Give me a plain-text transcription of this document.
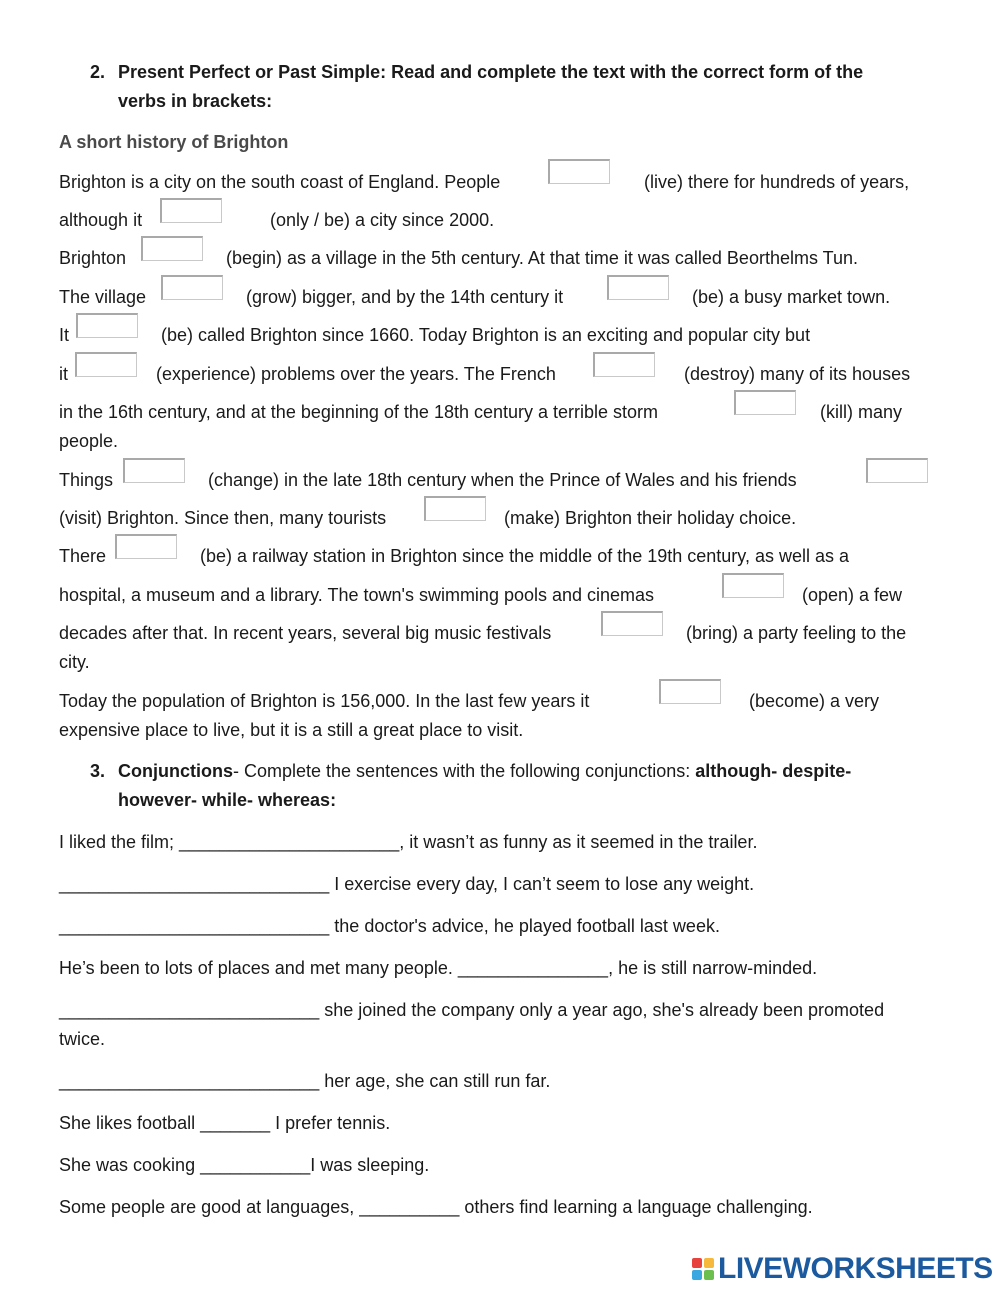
2. Present Perfect or Past Simple: Read and complete the text with the correct form of the
verbs in brackets:
A short history of Brighton
Brighton is a city on the south coast of England. People	(live) there for hundreds of years,
although it	(only / be) a city since 2000.
Brighton	(begin) as a village in the 5th century. At that time it was called Beorthelms Tun.
The village	(grow) bigger, and by the 14th century it	(be) a busy market town.
It	(be) called Brighton since 1660. Today Brighton is an exciting and popular city but
it	(experience) problems over the years. The French	(destroy) many of its houses
in the 16th century, and at the beginning of the 18th century a terrible storm	(kill) many
people.
Things	(change) in the late 18th century when the Prince of Wales and his friends
(visit) Brighton. Since then, many tourists	(make) Brighton their holiday choice.
There	(be) a railway station in Brighton since the middle of the 19th century, as well as a
hospital, a museum and a library. The town's swimming pools and cinemas	(open) a few
decades after that. In recent years, several big music festivals	(bring) a party feeling to the
city.
Today the population of Brighton is 156,000. In the last few years it	(become) a very
expensive place to live, but it is a still a great place to visit.
3. Conjunctions- Complete the sentences with the following conjunctions: although- despite-
however- while- whereas:
I liked the film; ______________________, it wasn’t as funny as it seemed in the trailer.
___________________________ I exercise every day, I can’t seem to lose any weight.
___________________________ the doctor's advice, he played football last week.
He’s been to lots of places and met many people. _______________, he is still narrow-minded.
__________________________ she joined the company only a year ago, she's already been promoted
twice.
__________________________ her age, she can still run far.
She likes football _______ I prefer tennis.
She was cooking ___________I was sleeping.
Some people are good at languages, __________ others find learning a language challenging.
LIVEWORKSHEETS
